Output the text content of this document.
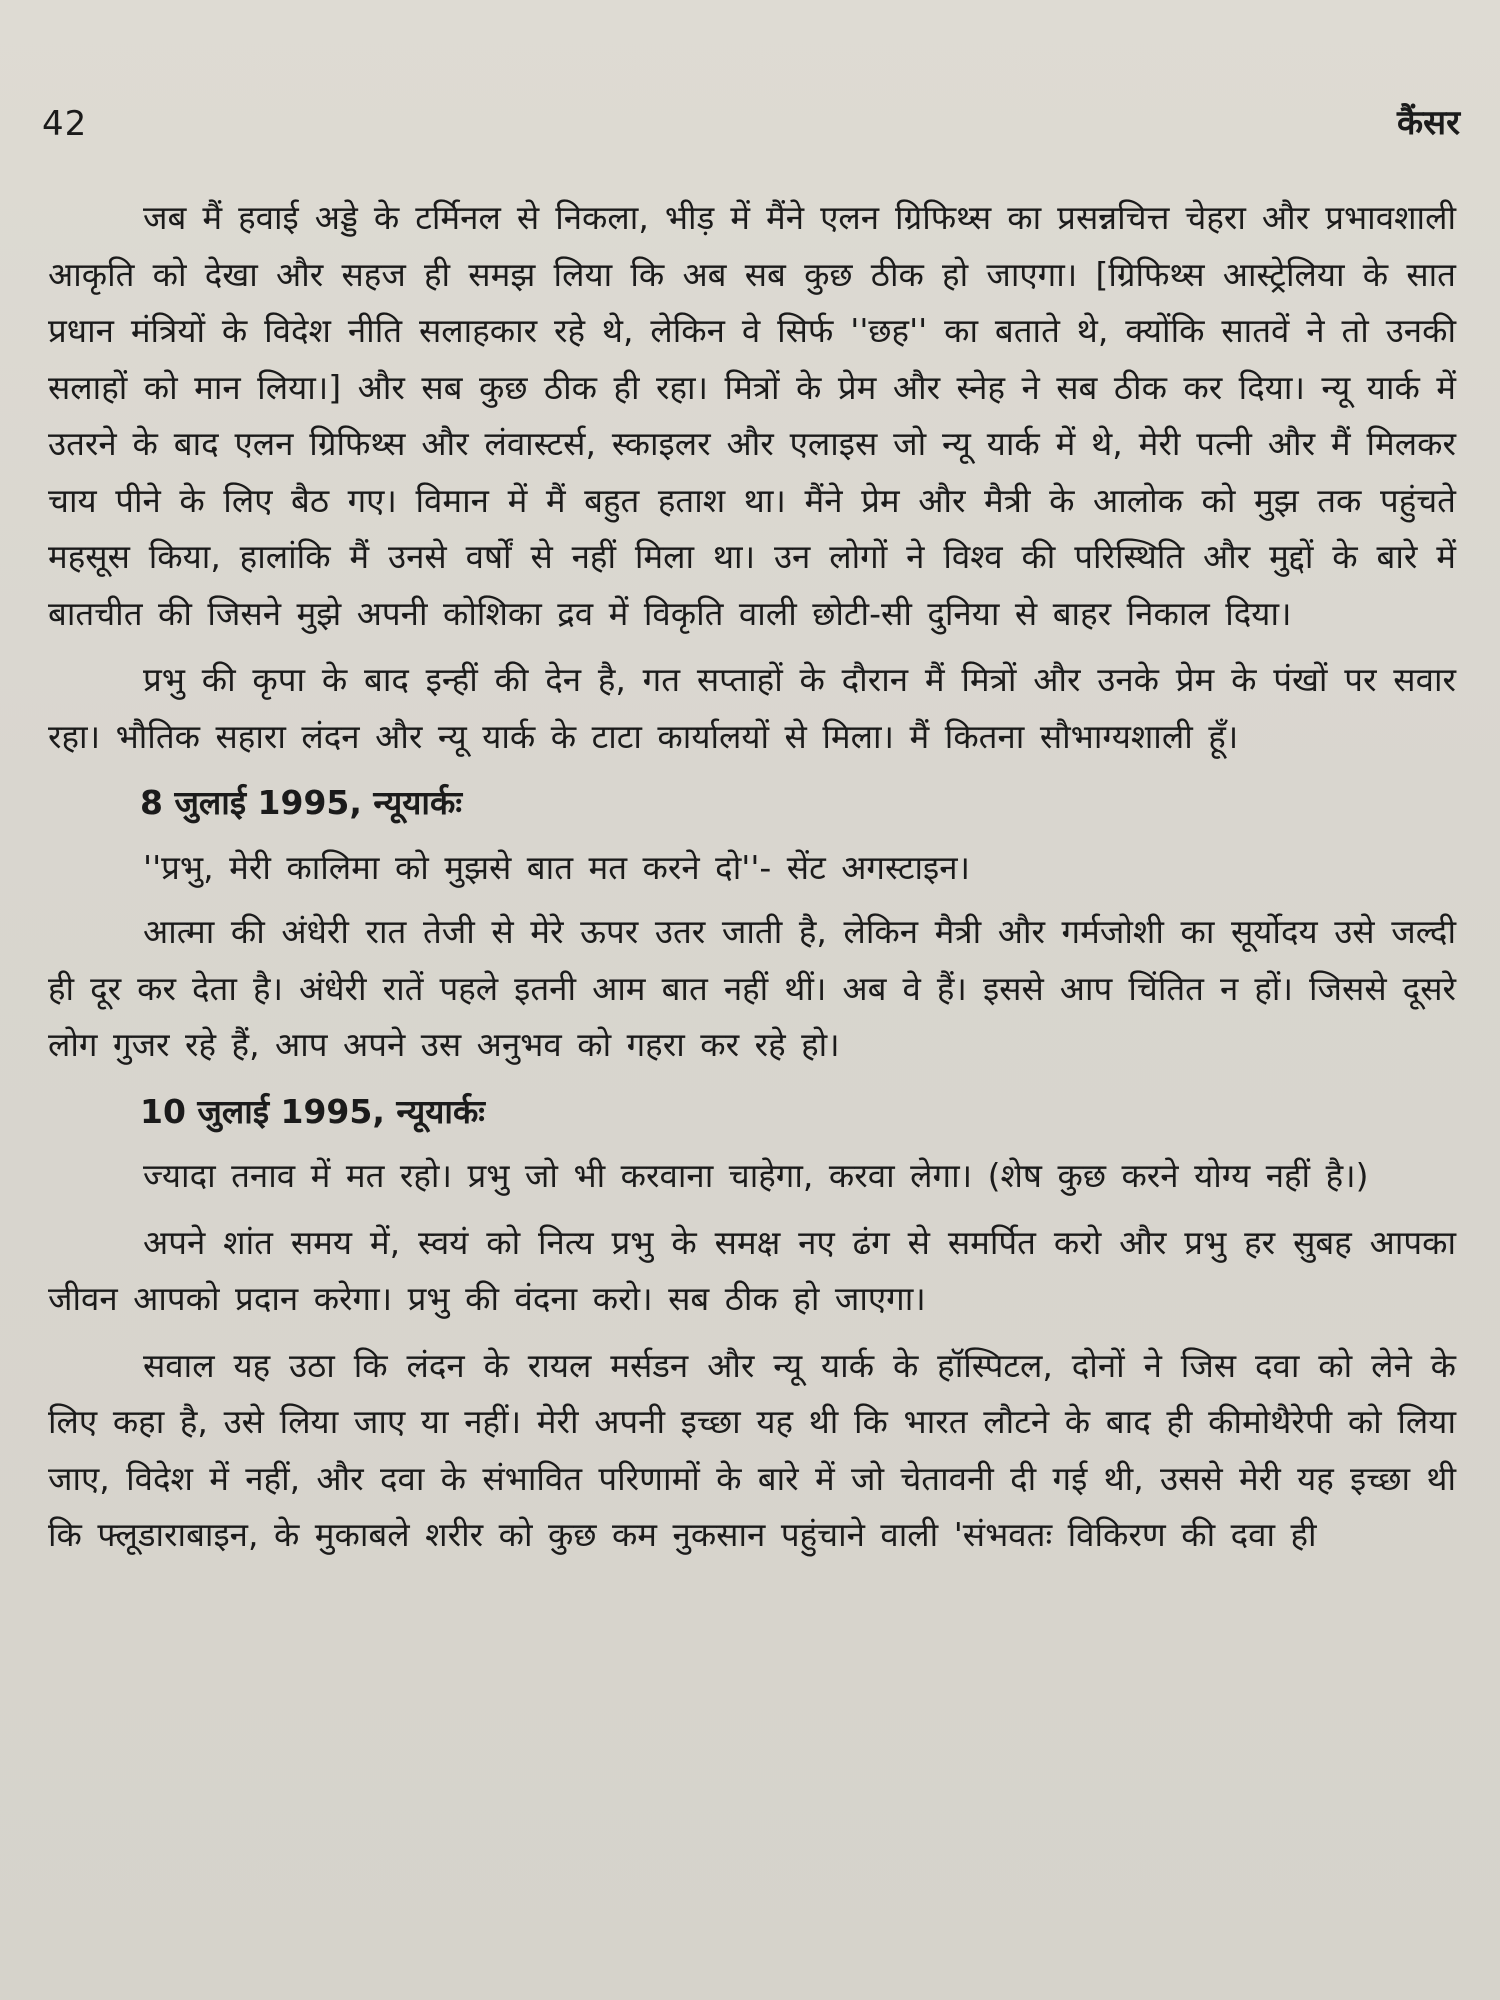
42	कैंसर

जब मैं हवाई अड्डे के टर्मिनल से निकला, भीड़ में मैंने एलन ग्रिफिथ्स का प्रसन्नचित्त चेहरा और प्रभावशाली आकृति को देखा और सहज ही समझ लिया कि अब सब कुछ ठीक हो जाएगा। [ग्रिफिथ्स आस्ट्रेलिया के सात प्रधान मंत्रियों के विदेश नीति सलाहकार रहे थे, लेकिन वे सिर्फ ''छह'' का बताते थे, क्योंकि सातवें ने तो उनकी सलाहों को मान लिया।] और सब कुछ ठीक ही रहा। मित्रों के प्रेम और स्नेह ने सब ठीक कर दिया। न्यू यार्क में उतरने के बाद एलन ग्रिफिथ्स और लंवास्टर्स, स्काइलर और एलाइस जो न्यू यार्क में थे, मेरी पत्नी और मैं मिलकर चाय पीने के लिए बैठ गए। विमान में मैं बहुत हताश था। मैंने प्रेम और मैत्री के आलोक को मुझ तक पहुंचते महसूस किया, हालांकि मैं उनसे वर्षों से नहीं मिला था। उन लोगों ने विश्व की परिस्थिति और मुद्दों के बारे में बातचीत की जिसने मुझे अपनी कोशिका द्रव में विकृति वाली छोटी-सी दुनिया से बाहर निकाल दिया।

प्रभु की कृपा के बाद इन्हीं की देन है, गत सप्ताहों के दौरान मैं मित्रों और उनके प्रेम के पंखों पर सवार रहा। भौतिक सहारा लंदन और न्यू यार्क के टाटा कार्यालयों से मिला। मैं कितना सौभाग्यशाली हूँ।

8 जुलाई 1995, न्यूयार्कः

''प्रभु, मेरी कालिमा को मुझसे बात मत करने दो''- सेंट अगस्टाइन।

आत्मा की अंधेरी रात तेजी से मेरे ऊपर उतर जाती है, लेकिन मैत्री और गर्मजोशी का सूर्योदय उसे जल्दी ही दूर कर देता है। अंधेरी रातें पहले इतनी आम बात नहीं थीं। अब वे हैं। इससे आप चिंतित न हों। जिससे दूसरे लोग गुजर रहे हैं, आप अपने उस अनुभव को गहरा कर रहे हो।

10 जुलाई 1995, न्यूयार्कः

ज्यादा तनाव में मत रहो। प्रभु जो भी करवाना चाहेगा, करवा लेगा। (शेष कुछ करने योग्य नहीं है।)

अपने शांत समय में, स्वयं को नित्य प्रभु के समक्ष नए ढंग से समर्पित करो और प्रभु हर सुबह आपका जीवन आपको प्रदान करेगा। प्रभु की वंदना करो। सब ठीक हो जाएगा।

सवाल यह उठा कि लंदन के रायल मर्सडन और न्यू यार्क के हॉस्पिटल, दोनों ने जिस दवा को लेने के लिए कहा है, उसे लिया जाए या नहीं। मेरी अपनी इच्छा यह थी कि भारत लौटने के बाद ही कीमोथैरेपी को लिया जाए, विदेश में नहीं, और दवा के संभावित परिणामों के बारे में जो चेतावनी दी गई थी, उससे मेरी यह इच्छा थी कि फ्लूडाराबाइन, के मुकाबले शरीर को कुछ कम नुकसान पहुंचाने वाली 'संभवतः विकिरण की दवा ही
